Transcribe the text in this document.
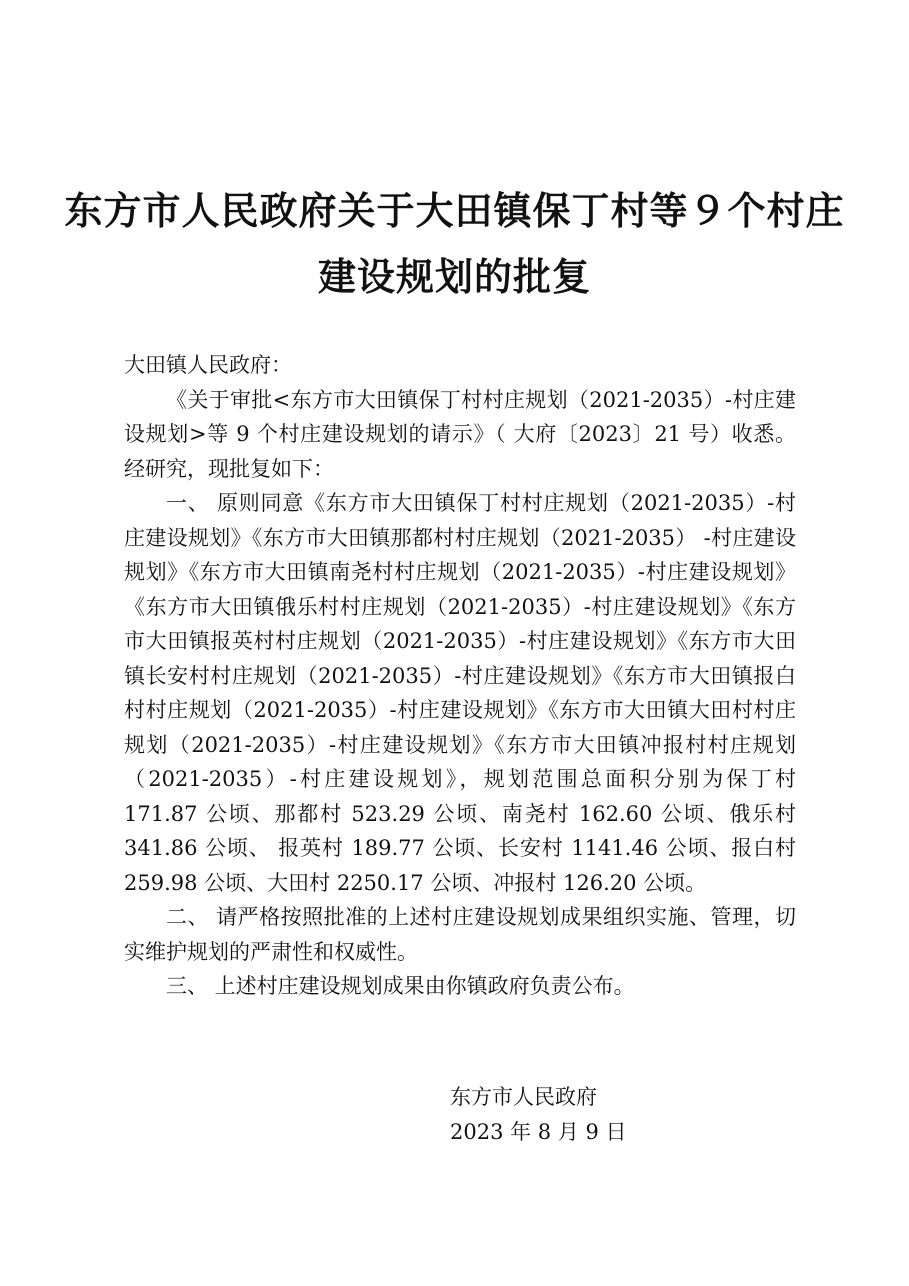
东方市人民政府关于大田镇保丁村等９个村庄
建设规划的批复

大田镇人民政府：

《关于审批<东方市大田镇保丁村村庄规划（2021-2035）-村庄建设规划>等 9 个村庄建设规划的请示》（ 大府〔2023〕21 号）收悉。经研究，现批复如下：

一、 原则同意《东方市大田镇保丁村村庄规划（2021-2035）-村庄建设规划》《东方市大田镇那都村村庄规划（2021-2035） -村庄建设规划》《东方市大田镇南尧村村庄规划（2021-2035）-村庄建设规划》《东方市大田镇俄乐村村庄规划（2021-2035）-村庄建设规划》《东方市大田镇报英村村庄规划（2021-2035）-村庄建设规划》《东方市大田镇长安村村庄规划（2021-2035）-村庄建设规划》《东方市大田镇报白村村庄规划（2021-2035）-村庄建设规划》《东方市大田镇大田村村庄规划（2021-2035）-村庄建设规划》《东方市大田镇冲报村村庄规划（2021-2035）-村庄建设规划》，规划范围总面积分别为保丁村 171.87 公顷、那都村 523.29 公顷、南尧村 162.60 公顷、俄乐村 341.86 公顷、 报英村 189.77 公顷、长安村 1141.46 公顷、报白村 259.98 公顷、大田村 2250.17 公顷、冲报村 126.20 公顷。

二、 请严格按照批准的上述村庄建设规划成果组织实施、管理，切实维护规划的严肃性和权威性。

三、 上述村庄建设规划成果由你镇政府负责公布。

东方市人民政府
2023 年 8 月 9 日
